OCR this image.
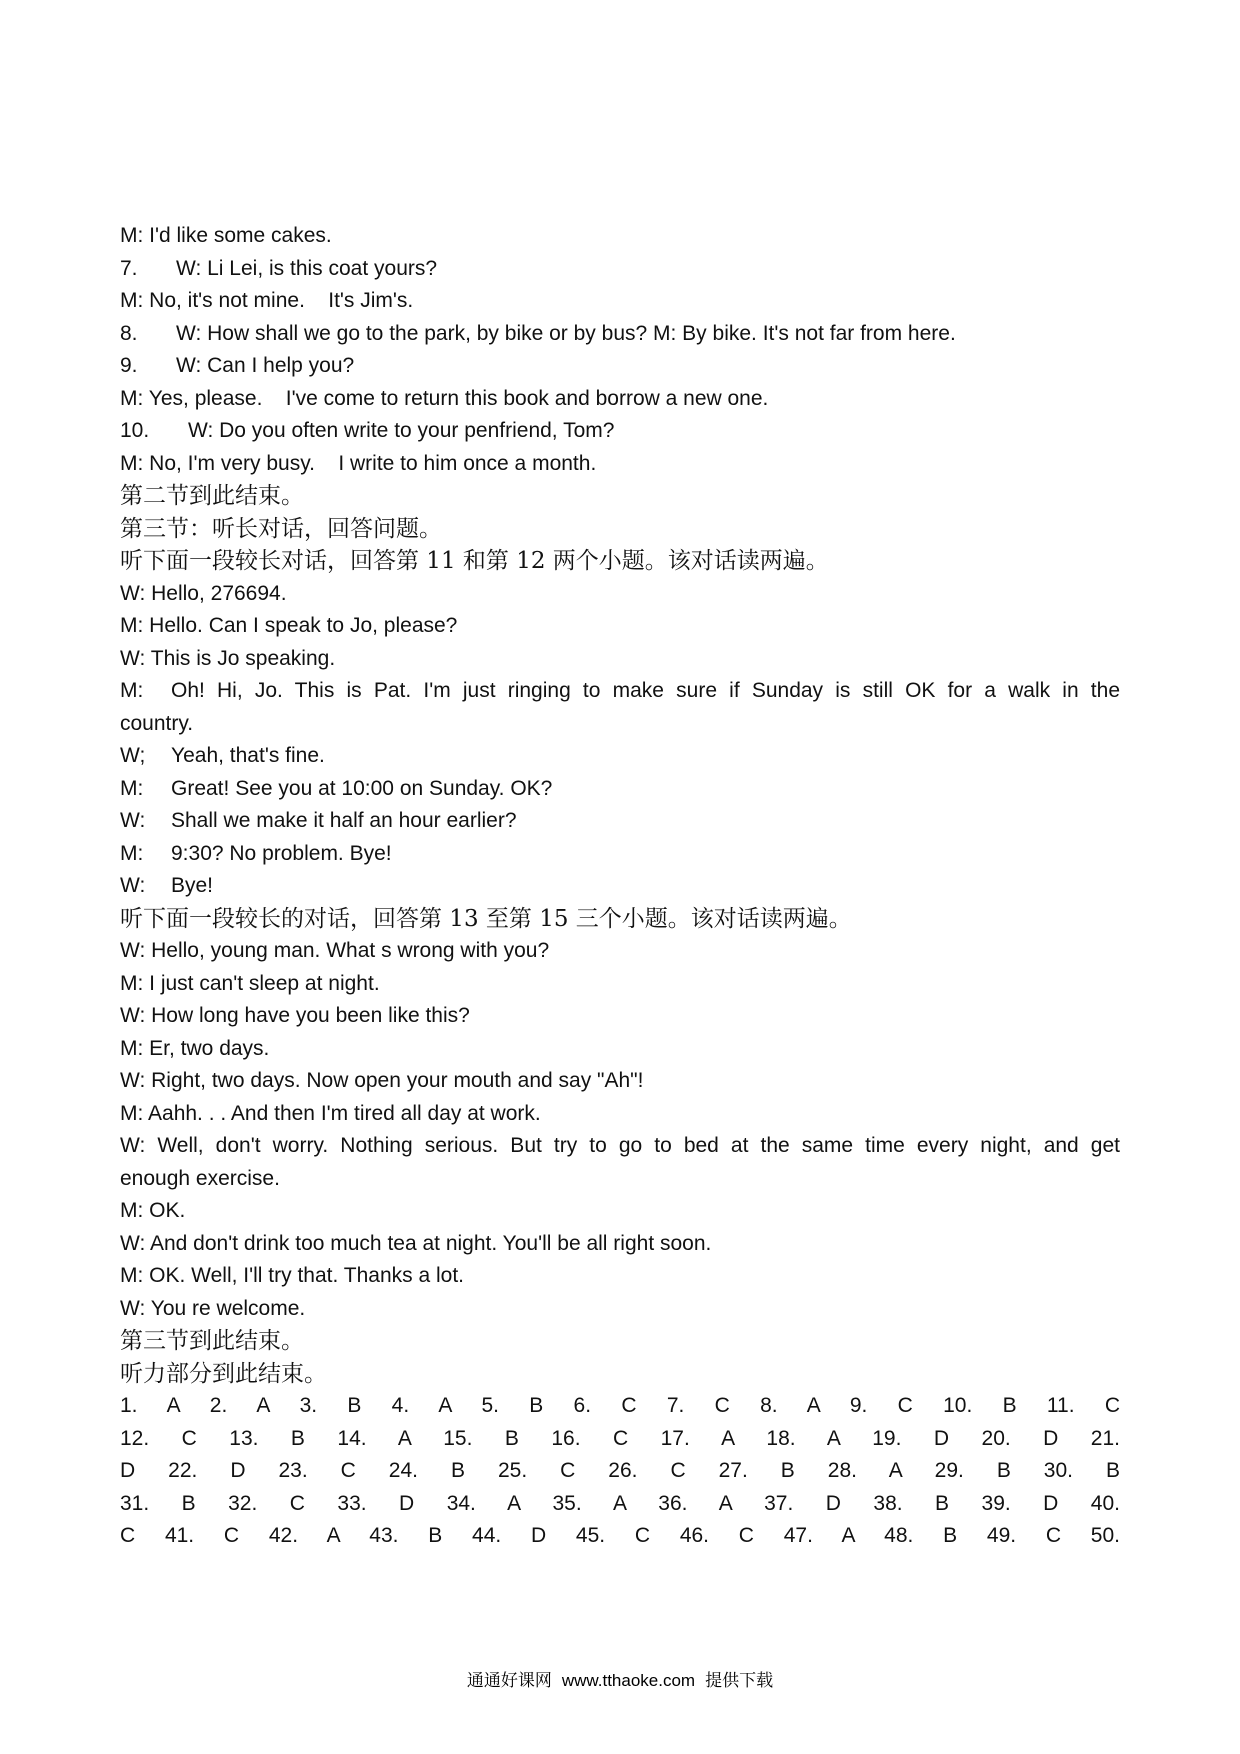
M: I'd like some cakes.
7. W: Li Lei, is this coat yours?
M: No, it's not mine.    It's Jim's.
8. W: How shall we go to the park, by bike or by bus? M: By bike. It's not far from here.
9. W: Can I help you?
M: Yes, please.    I've come to return this book and borrow a new one.
10. W: Do you often write to your penfriend, Tom?
M: No, I'm very busy.    I write to him once a month.
第二节到此结束。
第三节：听长对话，回答问题。
听下面一段较长对话，回答第 11 和第 12 两个小题。该对话读两遍。
W: Hello, 276694.
M: Hello. Can I speak to Jo, please?
W: This is Jo speaking.
M:	Oh! Hi, Jo. This is Pat. I'm just ringing to make sure if Sunday is still OK for a walk in the
country.
W; Yeah, that's fine.
M: Great! See you at 10:00 on Sunday. OK?
W: Shall we make it half an hour earlier?
M: 9:30? No problem. Bye!
W: Bye!
听下面一段较长的对话，回答第 13 至第 15 三个小题。该对话读两遍。
W: Hello, young man. What s wrong with you?
M: I just can't sleep at night.
W: How long have you been like this?
M: Er, two days.
W: Right, two days. Now open your mouth and say "Ah"!
M: Aahh. . . And then I'm tired all day at work.
W: Well, don't worry. Nothing serious. But try to go to bed at the same time every night, and get
enough exercise.
M: OK.
W: And don't drink too much tea at night. You'll be all right soon.
M: OK. Well, I'll try that. Thanks a lot.
W: You re welcome.
第三节到此结束。
听力部分到此结束。
1. A 2. A 3. B 4. A 5. B 6. C 7. C 8. A 9. C 10. B 11. C
12. C 13. B 14. A 15. B 16. C 17. A 18. A 19. D 20. D 21.
D 22. D 23. C 24. B 25. C 26. C 27. B 28. A 29. B 30. B
31. B 32. C 33. D 34. A 35. A 36. A 37. D 38. B 39. D 40.
C 41. C 42. A 43. B 44. D 45. C 46. C 47. A 48. B 49. C 50.
通通好课网 www.tthaoke.com 提供下载
